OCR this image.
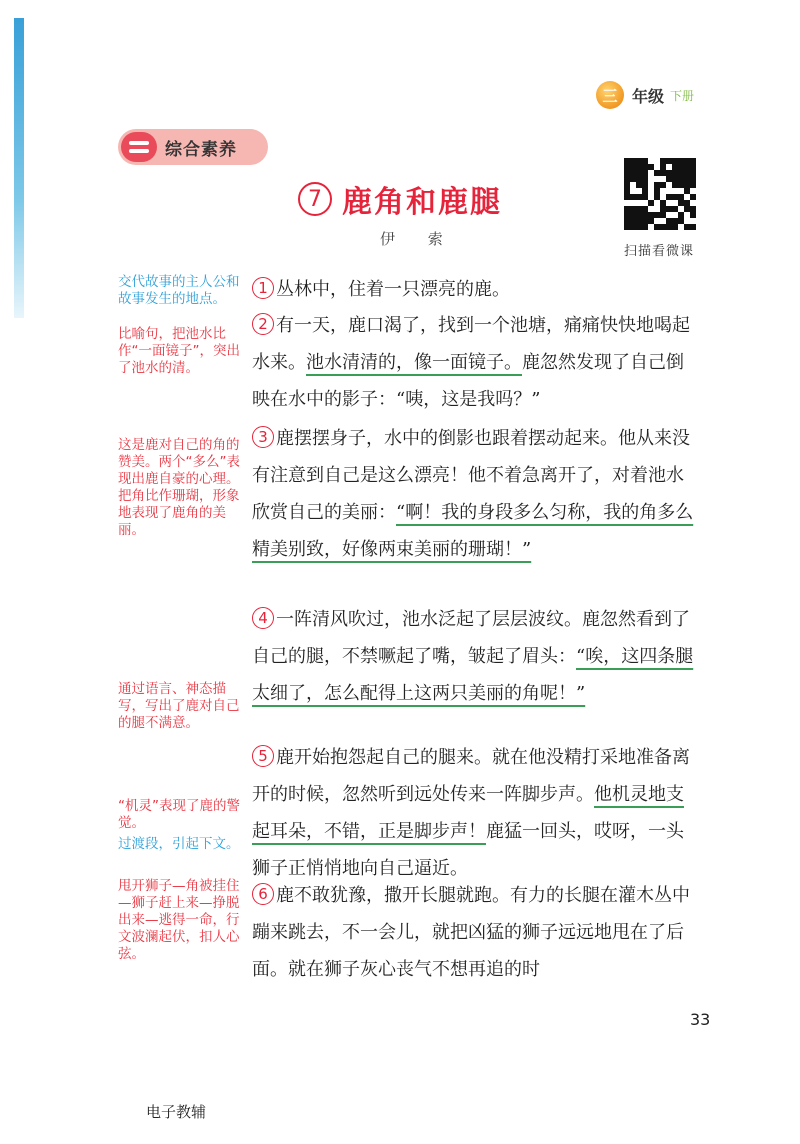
三 年级 下册
综合素养
7 鹿角和鹿腿
伊 索
扫描看微课
交代故事的主人公和故事发生的地点。
比喻句，把池水比作“一面镜子”，突出了池水的清。
这是鹿对自己的角的赞美。两个“多么”表现出鹿自豪的心理。把角比作珊瑚，形象地表现了鹿角的美丽。
通过语言、神态描写，写出了鹿对自己的腿不满意。
“机灵”表现了鹿的警觉。
过渡段，引起下文。
甩开狮子—角被挂住—狮子赶上来—挣脱出来—逃得一命，行文波澜起伏，扣人心弦。
1 丛林中，住着一只漂亮的鹿。
2 有一天，鹿口渴了，找到一个池塘，痛痛快快地喝起水来。池水清清的，像一面镜子。鹿忽然发现了自己倒映在水中的影子：“咦，这是我吗？”
3 鹿摆摆身子，水中的倒影也跟着摆动起来。他从来没有注意到自己是这么漂亮！他不着急离开了，对着池水欣赏自己的美丽：“啊！我的身段多么匀称，我的角多么精美别致，好像两束美丽的珊瑚！”
4 一阵清风吹过，池水泛起了层层波纹。鹿忽然看到了自己的腿，不禁噘起了嘴，皱起了眉头：“唉，这四条腿太细了，怎么配得上这两只美丽的角呢！”
5 鹿开始抱怨起自己的腿来。就在他没精打采地准备离开的时候，忽然听到远处传来一阵脚步声。他机灵地支起耳朵，不错，正是脚步声！鹿猛一回头，哎呀，一头狮子正悄悄地向自己逼近。
6 鹿不敢犹豫，撒开长腿就跑。有力的长腿在灌木丛中蹦来跳去，不一会儿，就把凶猛的狮子远远地甩在了后面。就在狮子灰心丧气不想再追的时
33
电子教辅
